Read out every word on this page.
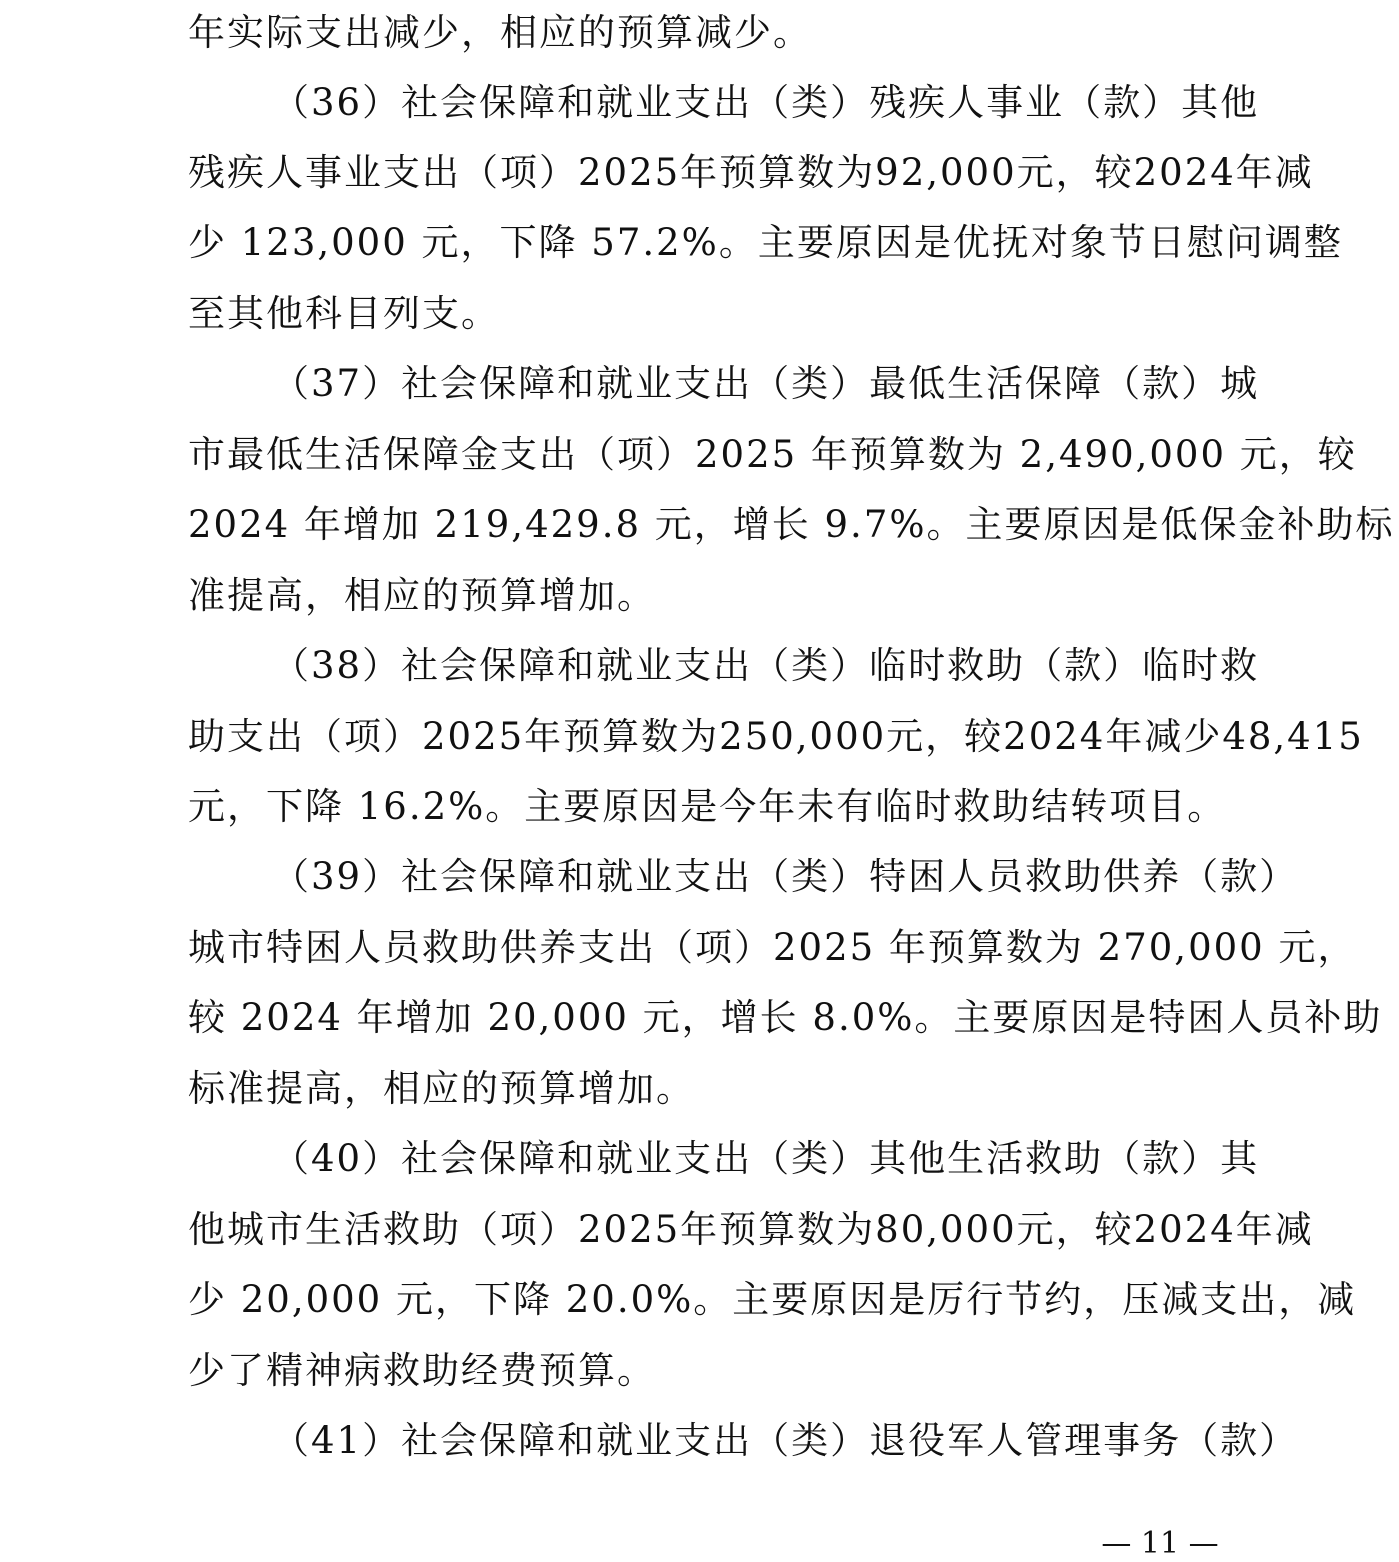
年实际支出减少，相应的预算减少。
（36）社会保障和就业支出（类）残疾人事业（款）其他
残疾人事业支出（项）2025年预算数为92,000元，较2024年减
少 123,000 元，下降 57.2%。主要原因是优抚对象节日慰问调整
至其他科目列支。
（37）社会保障和就业支出（类）最低生活保障（款）城
市最低生活保障金支出（项）2025 年预算数为 2,490,000 元，较
2024 年增加 219,429.8 元，增长 9.7%。主要原因是低保金补助标
准提高，相应的预算增加。
（38）社会保障和就业支出（类）临时救助（款）临时救
助支出（项）2025年预算数为250,000元，较2024年减少48,415
元，下降 16.2%。主要原因是今年未有临时救助结转项目。
（39）社会保障和就业支出（类）特困人员救助供养（款）
城市特困人员救助供养支出（项）2025 年预算数为 270,000 元，
较 2024 年增加 20,000 元，增长 8.0%。主要原因是特困人员补助
标准提高，相应的预算增加。
（40）社会保障和就业支出（类）其他生活救助（款）其
他城市生活救助（项）2025年预算数为80,000元，较2024年减
少 20,000 元，下降 20.0%。主要原因是厉行节约，压减支出，减
少了精神病救助经费预算。
（41）社会保障和就业支出（类）退役军人管理事务（款）
— 11 —
